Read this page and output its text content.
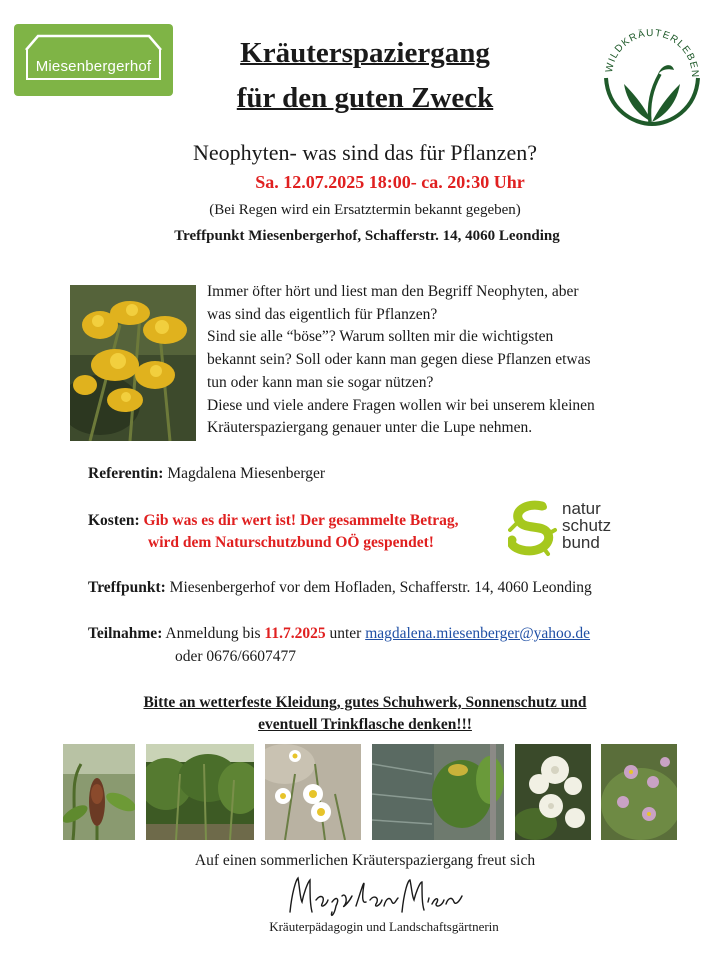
Miesenbergerhof	WILDKRÄUTERLEBEN
Kräuterspaziergang
für den guten Zweck
Neophyten- was sind das für Pflanzen?
Sa. 12.07.2025 18:00- ca. 20:30 Uhr
(Bei Regen wird ein Ersatztermin bekannt gegeben)
Treffpunkt Miesenbergerhof, Schafferstr. 14, 4060 Leonding
Immer öfter hört und liest man den Begriff Neophyten, aber
was sind das eigentlich für Pflanzen?
Sind sie alle “böse”? Warum sollten mir die wichtigsten
bekannt sein? Soll oder kann man gegen diese Pflanzen etwas
tun oder kann man sie sogar nützen?
Diese und viele andere Fragen wollen wir bei unserem kleinen
Kräuterspaziergang genauer unter die Lupe nehmen.
Referentin: Magdalena Miesenberger
Kosten: Gib was es dir wert ist! Der gesammelte Betrag,
wird dem Naturschutzbund OÖ gespendet!
natur
schutz
bund
Treffpunkt: Miesenbergerhof vor dem Hofladen, Schafferstr. 14, 4060 Leonding
Teilnahme: Anmeldung bis 11.7.2025 unter magdalena.miesenberger@yahoo.de
oder 0676/6607477
Bitte an wetterfeste Kleidung, gutes Schuhwerk, Sonnenschutz und
eventuell Trinkflasche denken!!!
Auf einen sommerlichen Kräuterspaziergang freut sich
Kräuterpädagogin und Landschaftsgärtnerin
